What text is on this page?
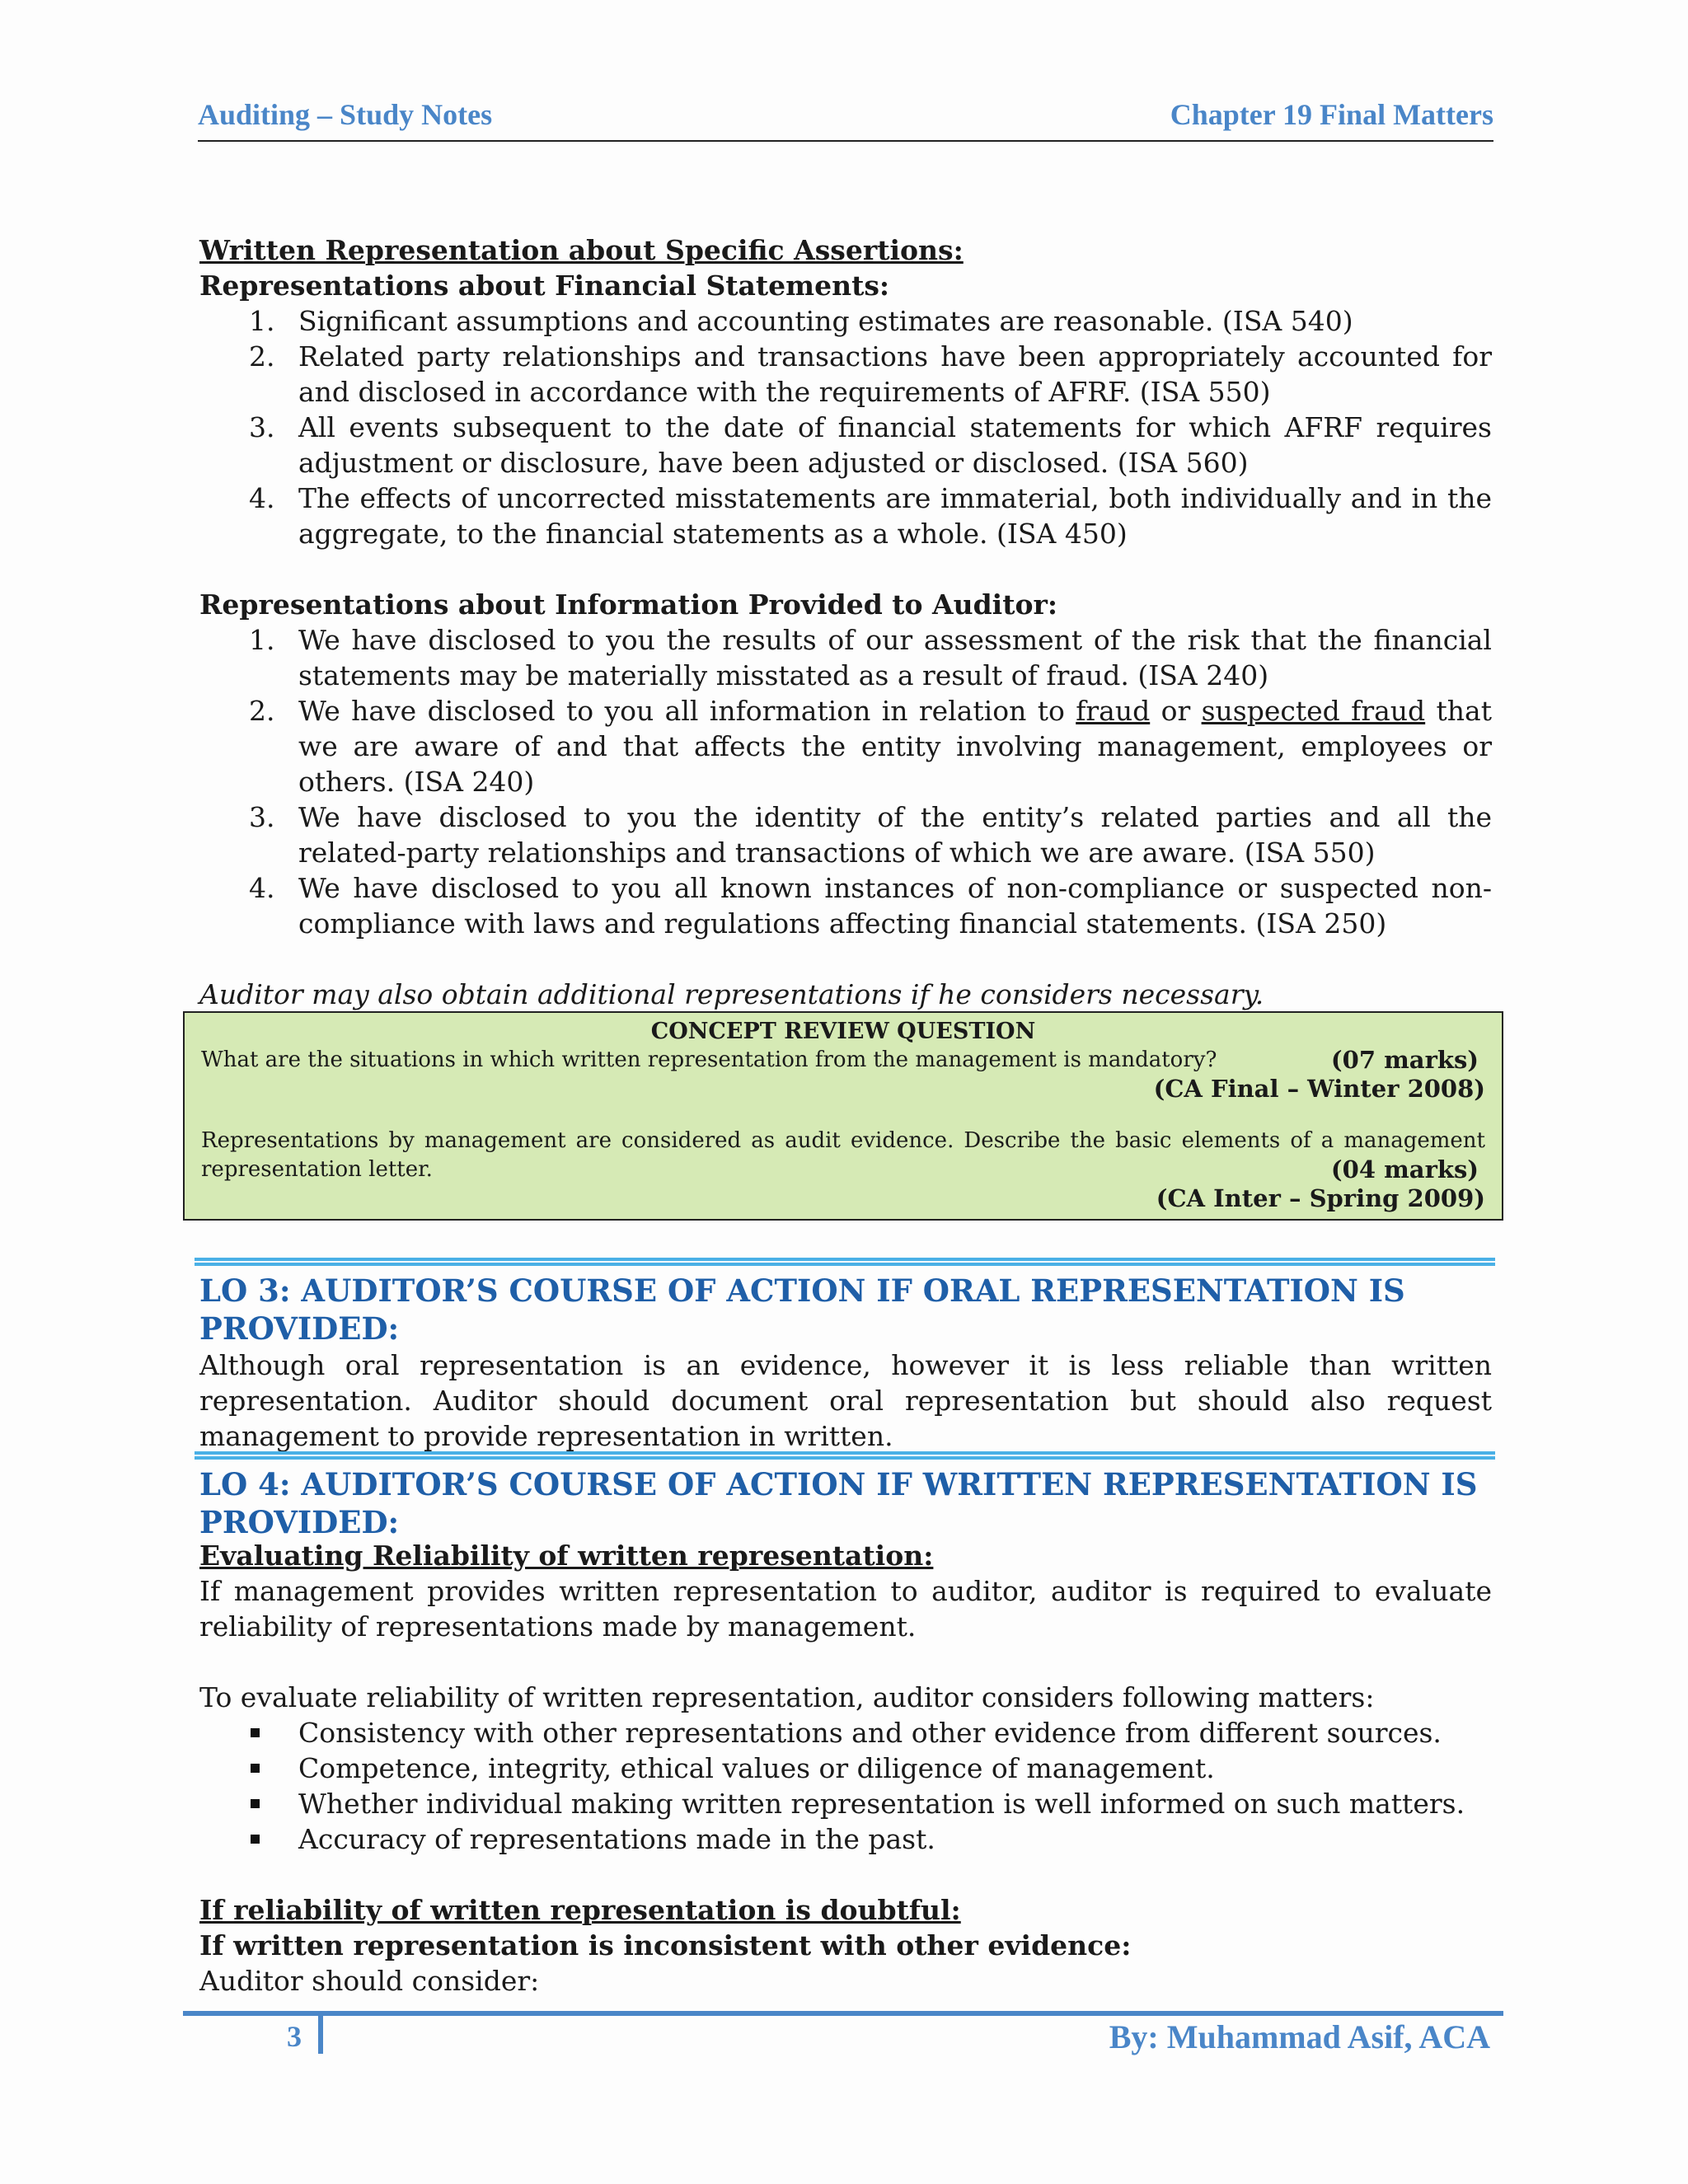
Auditing – Study Notes	Chapter 19 Final Matters
Written Representation about Specific Assertions:
Representations about Financial Statements:
1. Significant assumptions and accounting estimates are reasonable. (ISA 540)
2. Related party relationships and transactions have been appropriately accounted for and disclosed in accordance with the requirements of AFRF. (ISA 550)
3. All events subsequent to the date of financial statements for which AFRF requires adjustment or disclosure, have been adjusted or disclosed. (ISA 560)
4. The effects of uncorrected misstatements are immaterial, both individually and in the aggregate, to the financial statements as a whole. (ISA 450)
Representations about Information Provided to Auditor:
1. We have disclosed to you the results of our assessment of the risk that the financial statements may be materially misstated as a result of fraud. (ISA 240)
2. We have disclosed to you all information in relation to fraud or suspected fraud that we are aware of and that affects the entity involving management, employees or others. (ISA 240)
3. We have disclosed to you the identity of the entity’s related parties and all the related-party relationships and transactions of which we are aware. (ISA 550)
4. We have disclosed to you all known instances of non-compliance or suspected non-compliance with laws and regulations affecting financial statements. (ISA 250)
Auditor may also obtain additional representations if he considers necessary.
CONCEPT REVIEW QUESTION
What are the situations in which written representation from the management is mandatory?	(07 marks)
(CA Final – Winter 2008)
Representations by management are considered as audit evidence. Describe the basic elements of a management representation letter.	(04 marks)
(CA Inter – Spring 2009)
LO 3: AUDITOR’S COURSE OF ACTION IF ORAL REPRESENTATION IS PROVIDED:
Although oral representation is an evidence, however it is less reliable than written representation. Auditor should document oral representation but should also request management to provide representation in written.
LO 4: AUDITOR’S COURSE OF ACTION IF WRITTEN REPRESENTATION IS PROVIDED:
Evaluating Reliability of written representation:
If management provides written representation to auditor, auditor is required to evaluate reliability of representations made by management.
To evaluate reliability of written representation, auditor considers following matters:
Consistency with other representations and other evidence from different sources.
Competence, integrity, ethical values or diligence of management.
Whether individual making written representation is well informed on such matters.
Accuracy of representations made in the past.
If reliability of written representation is doubtful:
If written representation is inconsistent with other evidence:
Auditor should consider:
3	By: Muhammad Asif, ACA
